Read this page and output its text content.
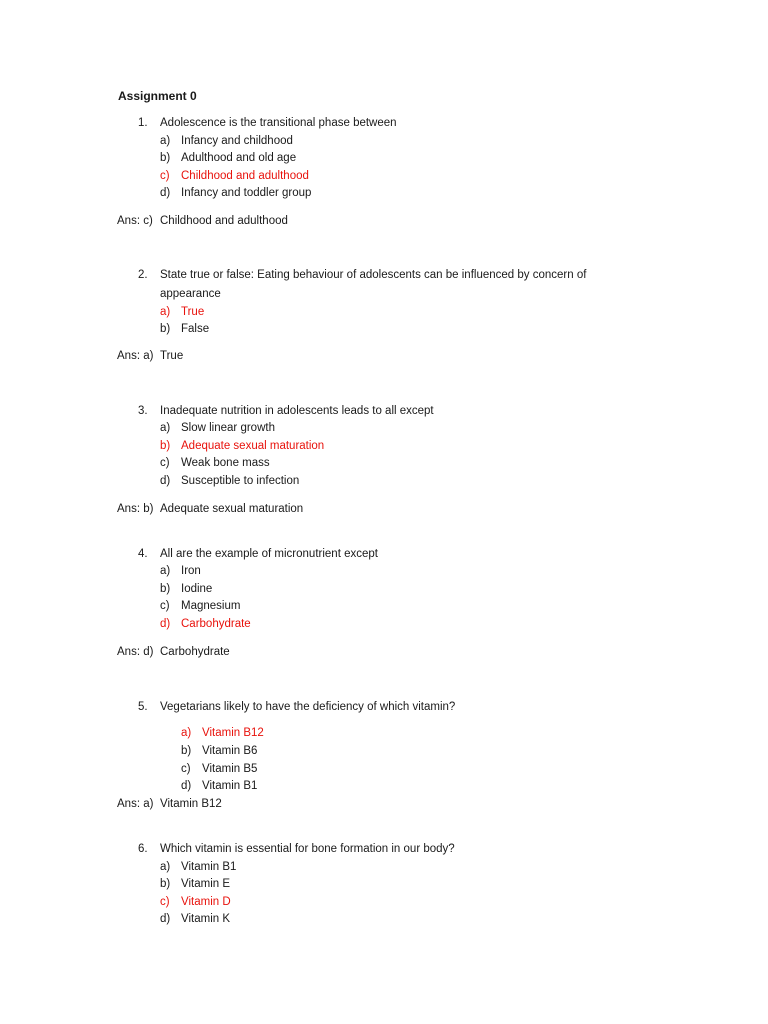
Assignment 0
1.	Adolescence is the transitional phase between
a) Infancy and childhood
b) Adulthood and old age
c) Childhood and adulthood
d) Infancy and toddler group
Ans: c) Childhood and adulthood
2.	State true or false: Eating behaviour of adolescents can be influenced by concern of
appearance
a) True
b) False
Ans: a) True
3.	Inadequate nutrition in adolescents leads to all except
a) Slow linear growth
b) Adequate sexual maturation
c) Weak bone mass
d) Susceptible to infection
Ans: b) Adequate sexual maturation
4.	All are the example of micronutrient except
a) Iron
b) Iodine
c) Magnesium
d) Carbohydrate
Ans: d) Carbohydrate
5.	Vegetarians likely to have the deficiency of which vitamin?
a) Vitamin B12
b) Vitamin B6
c) Vitamin B5
d) Vitamin B1
Ans: a) Vitamin B12
6.	Which vitamin is essential for bone formation in our body?
a) Vitamin B1
b) Vitamin E
c) Vitamin D
d) Vitamin K
